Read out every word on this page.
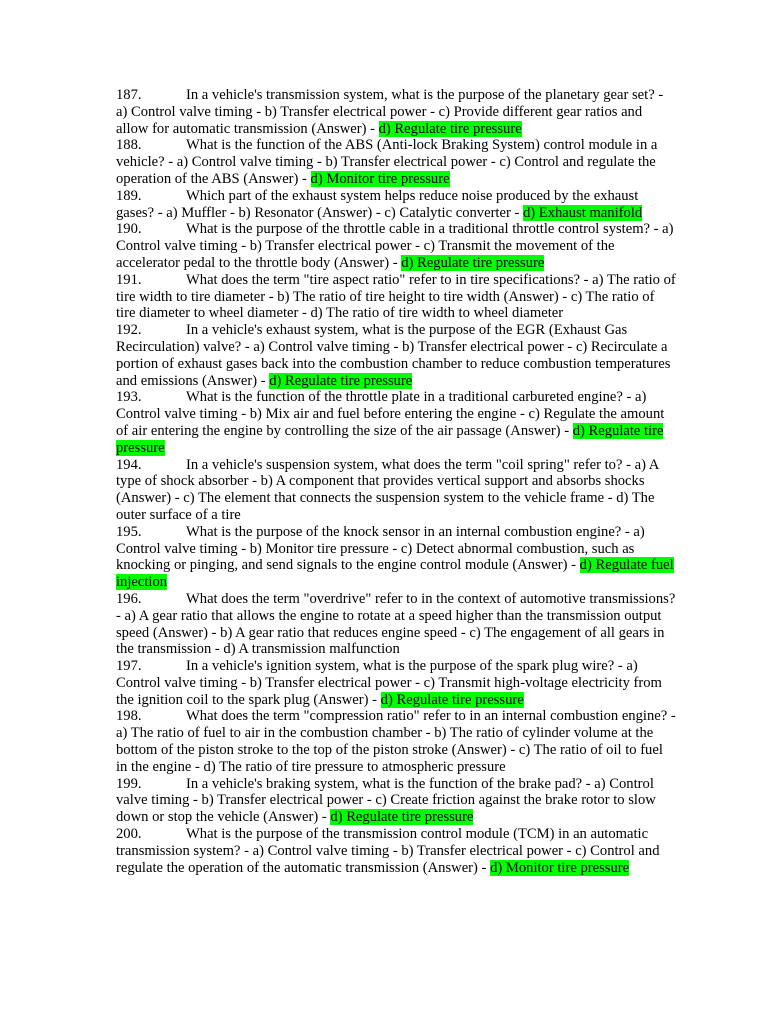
187.	In a vehicle's transmission system, what is the purpose of the planetary gear set? - a) Control valve timing - b) Transfer electrical power - c) Provide different gear ratios and allow for automatic transmission (Answer) - d) Regulate tire pressure

188.	What is the function of the ABS (Anti-lock Braking System) control module in a vehicle? - a) Control valve timing - b) Transfer electrical power - c) Control and regulate the operation of the ABS (Answer) - d) Monitor tire pressure

189.	Which part of the exhaust system helps reduce noise produced by the exhaust gases? - a) Muffler - b) Resonator (Answer) - c) Catalytic converter - d) Exhaust manifold

190.	What is the purpose of the throttle cable in a traditional throttle control system? - a) Control valve timing - b) Transfer electrical power - c) Transmit the movement of the accelerator pedal to the throttle body (Answer) - d) Regulate tire pressure

191.	What does the term "tire aspect ratio" refer to in tire specifications? - a) The ratio of tire width to tire diameter - b) The ratio of tire height to tire width (Answer) - c) The ratio of tire diameter to wheel diameter - d) The ratio of tire width to wheel diameter

192.	In a vehicle's exhaust system, what is the purpose of the EGR (Exhaust Gas Recirculation) valve? - a) Control valve timing - b) Transfer electrical power - c) Recirculate a portion of exhaust gases back into the combustion chamber to reduce combustion temperatures and emissions (Answer) - d) Regulate tire pressure

193.	What is the function of the throttle plate in a traditional carbureted engine? - a) Control valve timing - b) Mix air and fuel before entering the engine - c) Regulate the amount of air entering the engine by controlling the size of the air passage (Answer) - d) Regulate tire pressure

194.	In a vehicle's suspension system, what does the term "coil spring" refer to? - a) A type of shock absorber - b) A component that provides vertical support and absorbs shocks (Answer) - c) The element that connects the suspension system to the vehicle frame - d) The outer surface of a tire

195.	What is the purpose of the knock sensor in an internal combustion engine? - a) Control valve timing - b) Monitor tire pressure - c) Detect abnormal combustion, such as knocking or pinging, and send signals to the engine control module (Answer) - d) Regulate fuel injection

196.	What does the term "overdrive" refer to in the context of automotive transmissions? - a) A gear ratio that allows the engine to rotate at a speed higher than the transmission output speed (Answer) - b) A gear ratio that reduces engine speed - c) The engagement of all gears in the transmission - d) A transmission malfunction

197.	In a vehicle's ignition system, what is the purpose of the spark plug wire? - a) Control valve timing - b) Transfer electrical power - c) Transmit high-voltage electricity from the ignition coil to the spark plug (Answer) - d) Regulate tire pressure

198.	What does the term "compression ratio" refer to in an internal combustion engine? - a) The ratio of fuel to air in the combustion chamber - b) The ratio of cylinder volume at the bottom of the piston stroke to the top of the piston stroke (Answer) - c) The ratio of oil to fuel in the engine - d) The ratio of tire pressure to atmospheric pressure

199.	In a vehicle's braking system, what is the function of the brake pad? - a) Control valve timing - b) Transfer electrical power - c) Create friction against the brake rotor to slow down or stop the vehicle (Answer) - d) Regulate tire pressure

200.	What is the purpose of the transmission control module (TCM) in an automatic transmission system? - a) Control valve timing - b) Transfer electrical power - c) Control and regulate the operation of the automatic transmission (Answer) - d) Monitor tire pressure
